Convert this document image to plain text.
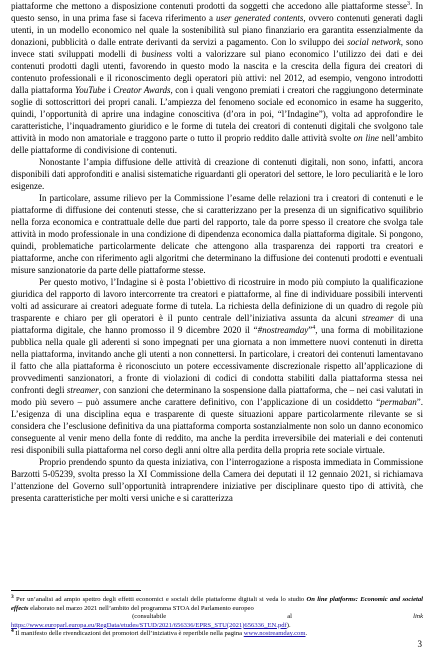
piattaforme che mettono a disposizione contenuti prodotti da soggetti che accedono alle piattaforme stesse$^3$. In questo senso, in una prima fase si faceva riferimento a user generated contents, ovvero contenuti generati dagli utenti, in un modello economico nel quale la sostenibilità sul piano finanziario era garantita essenzialmente da donazioni, pubblicità o dalle entrate derivanti da servizi a pagamento. Con lo sviluppo dei social network, sono invece stati sviluppati modelli di business volti a valorizzare sul piano economico l’utilizzo dei dati e dei contenuti prodotti dagli utenti, favorendo in questo modo la nascita e la crescita della figura dei creatori di contenuto professionali e il riconoscimento degli operatori più attivi: nel 2012, ad esempio, vengono introdotti dalla piattaforma YouTube i Creator Awards, con i quali vengono premiati i creatori che raggiungono determinate soglie di sottoscrittori dei propri canali. L’ampiezza del fenomeno sociale ed economico in esame ha suggerito, quindi, l’opportunità di aprire una indagine conoscitiva (d’ora in poi, “l’Indagine”), volta ad approfondire le caratteristiche, l’inquadramento giuridico e le forme di tutela dei creatori di contenuti digitali che svolgono tale attività in modo non amatoriale e traggono parte o tutto il proprio reddito dalle attività svolte on line nell’ambito delle piattaforme di condivisione di contenuti.

Nonostante l’ampia diffusione delle attività di creazione di contenuti digitali, non sono, infatti, ancora disponibili dati approfonditi e analisi sistematiche riguardanti gli operatori del settore, le loro peculiarità e le loro esigenze.

In particolare, assume rilievo per la Commissione l’esame delle relazioni tra i creatori di contenuti e le piattaforme di diffusione dei contenuti stesse, che si caratterizzano per la presenza di un significativo squilibrio nella forza economica e contrattuale delle due parti del rapporto, tale da porre spesso il creatore che svolga tale attività in modo professionale in una condizione di dipendenza economica dalla piattaforma digitale. Si pongono, quindi, problematiche particolarmente delicate che attengono alla trasparenza dei rapporti tra creatori e piattaforme, anche con riferimento agli algoritmi che determinano la diffusione dei contenuti prodotti e eventuali misure sanzionatorie da parte delle piattaforme stesse.

Per questo motivo, l’Indagine si è posta l’obiettivo di ricostruire in modo più compiuto la qualificazione giuridica del rapporto di lavoro intercorrente tra creatori e piattaforme, al fine di individuare possibili interventi volti ad assicurare ai creatori adeguate forme di tutela. La richiesta della definizione di un quadro di regole più trasparente e chiaro per gli operatori è il punto centrale dell’iniziativa assunta da alcuni streamer di una piattaforma digitale, che hanno promosso il 9 dicembre 2020 il “#nostreamday”$^4$, una forma di mobilitazione pubblica nella quale gli aderenti si sono impegnati per una giornata a non immettere nuovi contenuti in diretta nella piattaforma, invitando anche gli utenti a non connettersi. In particolare, i creatori dei contenuti lamentavano il fatto che alla piattaforma è riconosciuto un potere eccessivamente discrezionale rispetto all’applicazione di provvedimenti sanzionatori, a fronte di violazioni di codici di condotta stabiliti dalla piattaforma stessa nei confronti degli streamer, con sanzioni che determinano la sospensione dalla piattaforma, che – nei casi valutati in modo più severo – può assumere anche carattere definitivo, con l’applicazione di un cosiddetto “permaban”. L’esigenza di una disciplina equa e trasparente di queste situazioni appare particolarmente rilevante se si considera che l’esclusione definitiva da una piattaforma comporta sostanzialmente non solo un danno economico conseguente al venir meno della fonte di reddito, ma anche la perdita irreversibile dei materiali e dei contenuti resi disponibili sulla piattaforma nel corso degli anni oltre alla perdita della propria rete sociale virtuale.

Proprio prendendo spunto da questa iniziativa, con l’interrogazione a risposta immediata in Commissione Barzotti 5-05239, svolta presso la XI Commissione della Camera dei deputati il 12 gennaio 2021, si richiamava l’attenzione del Governo sull’opportunità intraprendere iniziative per disciplinare questo tipo di attività, che presenta caratteristiche per molti versi uniche e si caratterizza

$^3$ Per un’analisi ad ampio spettro degli effetti economici e sociali delle piattaforme digitali si veda lo studio On line platforms: Economic and societal effects elaborato nel marzo 2021 nell’ambito del programma STOA del Parlamento europeo

(consultabile	al	link

https://www.europarl.europa.eu/RegData/etudes/STUD/2021/656336/EPRS_STU(2021)656336_EN.pdf).

$^4$ Il manifesto delle rivendicazioni dei promotori dell’iniziativa è reperibile nella pagina www.nostreamday.com.

3
